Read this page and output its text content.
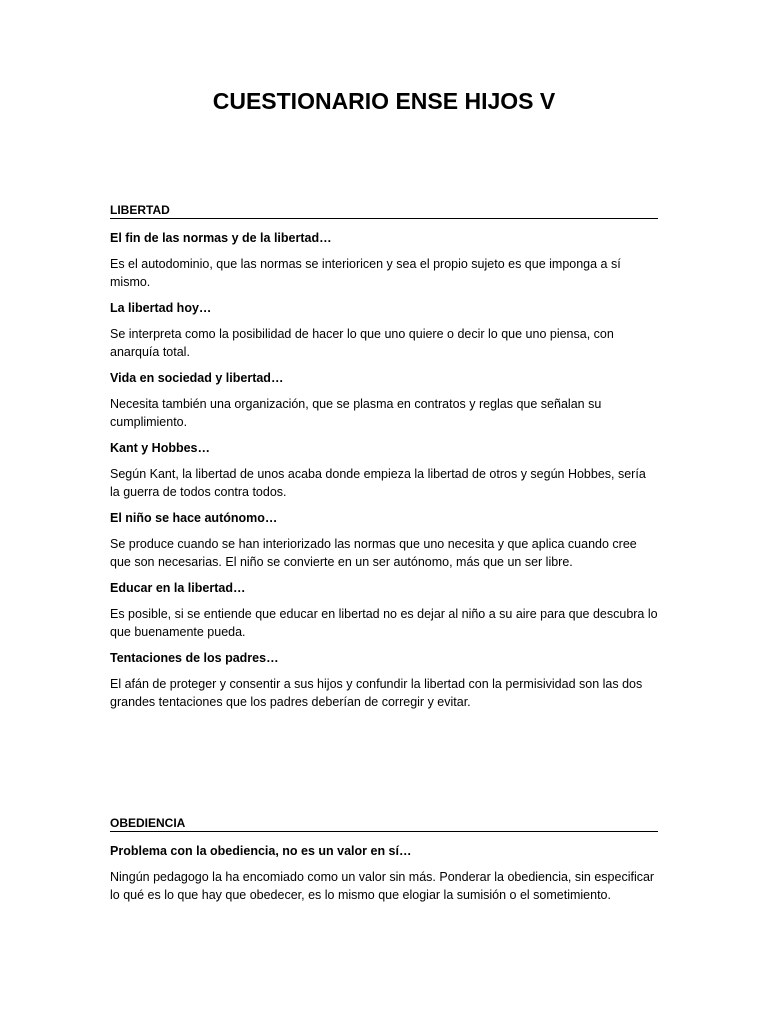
CUESTIONARIO ENSE HIJOS V
LIBERTAD

El fin de las normas y de la libertad…

Es el autodominio, que las normas se interioricen y sea el propio sujeto es que imponga a sí mismo.

La libertad hoy…

Se interpreta como la posibilidad de hacer lo que uno quiere o decir lo que uno piensa, con anarquía total.

Vida en sociedad y libertad…

Necesita también una organización, que se plasma en contratos y reglas que señalan su cumplimiento.

Kant y Hobbes…

Según Kant, la libertad de unos acaba donde empieza la libertad de otros y según Hobbes, sería la guerra de todos contra todos.

El niño se hace autónomo…

Se produce cuando se han interiorizado las normas que uno necesita y que aplica cuando cree que son necesarias. El niño se convierte en un ser autónomo, más que un ser libre.

Educar en la libertad…

Es posible, si se entiende que educar en libertad no es dejar al niño a su aire para que descubra lo que buenamente pueda.

Tentaciones de los padres…

El afán de proteger y consentir a sus hijos y confundir la libertad con la permisividad son las dos grandes tentaciones que los padres deberían de corregir y evitar.

OBEDIENCIA

Problema con la obediencia, no es un valor en sí…

Ningún pedagogo la ha encomiado como un valor sin más. Ponderar la obediencia, sin especificar lo qué es lo que hay que obedecer, es lo mismo que elogiar la sumisión o el sometimiento.
